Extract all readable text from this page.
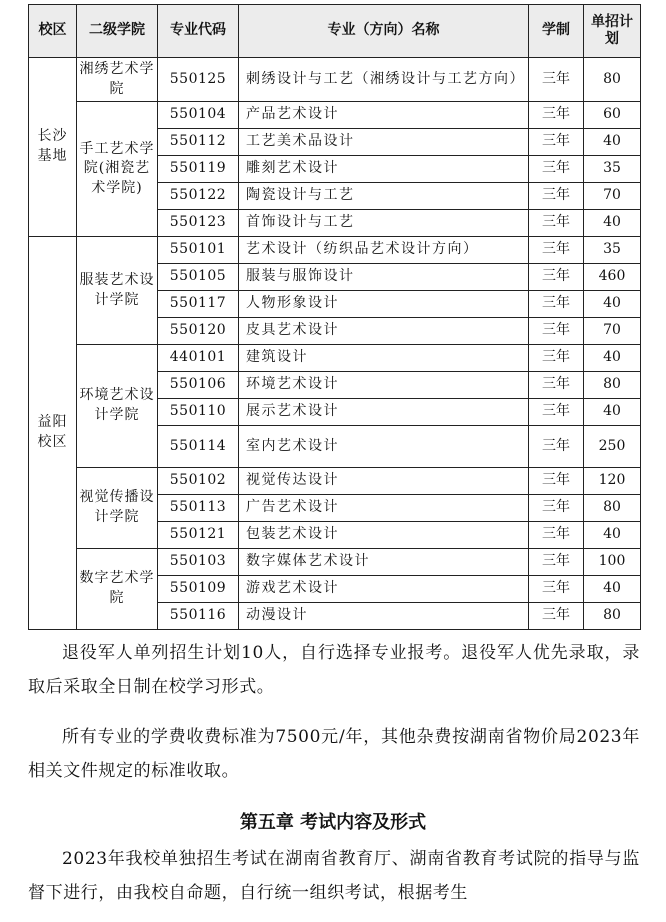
校区	二级学院	专业代码	专业（方向）名称	学制	单招计划
长沙基地	湘绣艺术学院	550125	刺绣设计与工艺（湘绣设计与工艺方向）	三年	80
	手工艺术学院(湘瓷艺术学院)	550104	产品艺术设计	三年	60
		550112	工艺美术品设计	三年	40
		550119	雕刻艺术设计	三年	35
		550122	陶瓷设计与工艺	三年	70
		550123	首饰设计与工艺	三年	40
益阳校区	服装艺术设计学院	550101	艺术设计（纺织品艺术设计方向）	三年	35
		550105	服装与服饰设计	三年	460
		550117	人物形象设计	三年	40
		550120	皮具艺术设计	三年	70
	环境艺术设计学院	440101	建筑设计	三年	40
		550106	环境艺术设计	三年	80
		550110	展示艺术设计	三年	40
		550114	室内艺术设计	三年	250
	视觉传播设计学院	550102	视觉传达设计	三年	120
		550113	广告艺术设计	三年	80
		550121	包装艺术设计	三年	40
	数字艺术学院	550103	数字媒体艺术设计	三年	100
		550109	游戏艺术设计	三年	40
		550116	动漫设计	三年	80

退役军人单列招生计划10人，自行选择专业报考。退役军人优先录取，录取后采取全日制在校学习形式。

所有专业的学费收费标准为7500元/年，其他杂费按湖南省物价局2023年相关文件规定的标准收取。

第五章 考试内容及形式

2023年我校单独招生考试在湖南省教育厅、湖南省教育考试院的指导与监督下进行，由我校自命题，自行统一组织考试，根据考生
